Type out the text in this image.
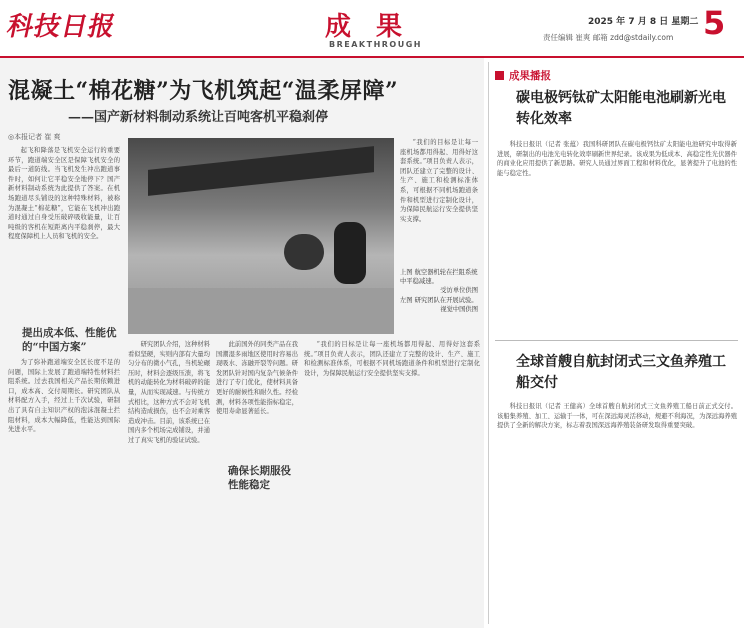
科技日报	成 果
BREAKTHROUGH
2025 年 7 月 8 日 星期二 5
责任编辑 崔爽 邮箱 zdd@stdaily.com
混凝土“棉花糖”为飞机筑起“温柔屏障”
——国产新材料制动系统让百吨客机平稳刹停
◎本报记者 崔 爽

起飞和降落是飞机安全运行的重要环节，跑道端安全区是保障飞机安全的最后一道防线。当飞机发生冲出跑道事件时，如何让它平稳安全地停下？国产新材料制动系统为此提供了答案。在机场跑道尽头铺设的这种特殊材料，被称为混凝土“棉花糖”，它能在飞机冲出跑道时通过自身受压破碎吸收能量，让百吨级的客机在短距离内平稳刹停，最大程度保障机上人员和飞机的安全。

提出成本低、性能优的“中国方案”

为了弥补跑道端安全区长度不足的问题，国际上发展了跑道端特性材料拦阻系统。过去我国相关产品长期依赖进口，成本高、交付周期长。研究团队从材料配方入手，经过上千次试验，研制出了具有自主知识产权的泡沫混凝土拦阻材料，成本大幅降低，性能达到国际先进水平。

上图 航空器机轮在拦阻系统中平稳减速。

受访单位供图

左图 研究团队在开展试验。

视觉中国供图

“我们的目标是让每一座机场都用得起、用得好这套系统。”项目负责人表示，团队还建立了完整的设计、生产、施工和检测标准体系，可根据不同机场跑道条件和机型进行定制化设计，为保障民航运行安全提供坚实支撑。

研究团队介绍，这种材料看似坚硬，实则内部有大量均匀分布的微小气孔，当机轮碾压时，材料会逐级压溃，将飞机的动能转化为材料破碎的能量，从而实现减速。与传统方式相比，这种方式不会对飞机结构造成损伤，也不会对乘客造成冲击。目前，该系统已在国内多个机场完成铺设，并通过了真实飞机的验证试验。

此前国外的同类产品在我国潮湿多雨地区使用时容易出现吸水、冻融开裂等问题。研发团队针对国内复杂气候条件进行了专门优化，使材料具备更好的耐候性和耐久性。经检测，材料各项性能指标稳定，使用寿命显著延长。

确保长期服役性能稳定

“我们的目标是让每一座机场都用得起、用得好这套系统。”项目负责人表示，团队还建立了完整的设计、生产、施工和检测标准体系，可根据不同机场跑道条件和机型进行定制化设计，为保障民航运行安全提供坚实支撑。

成果播报
碳电极钙钛矿太阳能电池刷新光电转化效率

科技日报讯（记者 张蕴）我国科研团队在碳电极钙钛矿太阳能电池研究中取得新进展，研制出的电池光电转化效率刷新世界纪录。该成果为低成本、高稳定性光伏器件的商业化应用提供了新思路。研究人员通过界面工程和材料优化，显著提升了电池的性能与稳定性。

全球首艘自航封闭式三文鱼养殖工船交付

科技日报讯（记者 王健高）全球首艘自航封闭式三文鱼养殖工船日前正式交付。该船集养殖、加工、运输于一体，可在深远海灵活移动，规避不利海况，为深远海养殖提供了全新的解决方案，标志着我国深远海养殖装备研发取得重要突破。
